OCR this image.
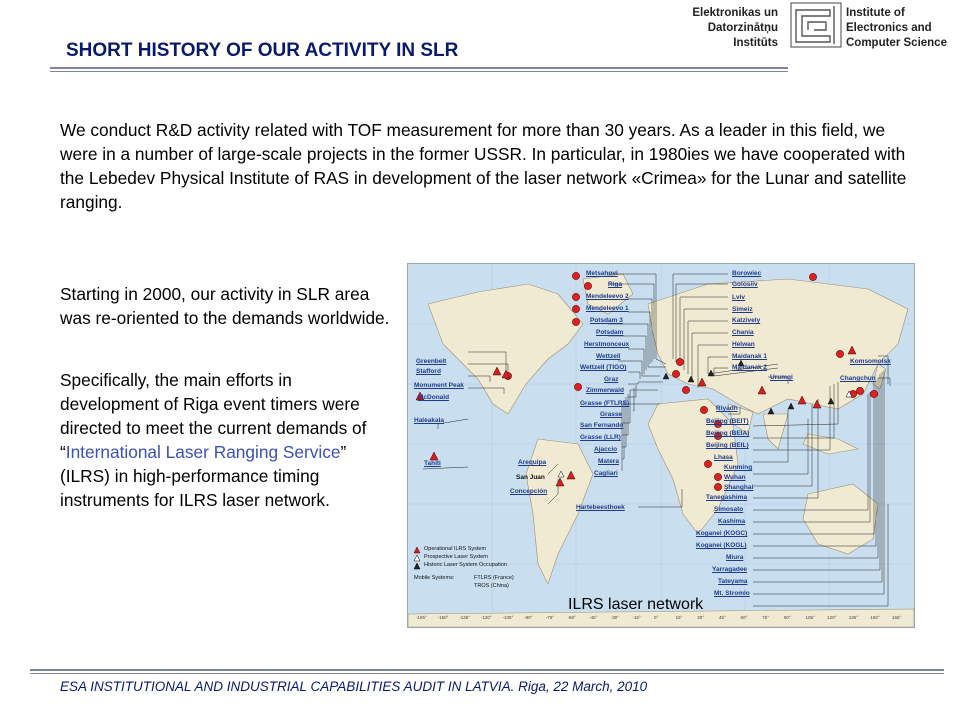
SHORT HISTORY OF OUR ACTIVITY IN SLR
Elektronikas un
Datorzinātņu
Institūts
Institute of
Electronics and
Computer Science
We conduct R&D activity related with TOF measurement for more than 30 years. As a leader in this field, we were in a number of large-scale projects in the former USSR. In particular, in 1980ies we have cooperated with the Lebedev Physical Institute of RAS in development of the laser network «Crimea» for the Lunar and satellite ranging.
Starting in 2000, our activity in SLR area was re-oriented to the demands worldwide.
Specifically, the main efforts in development of Riga event timers were directed to meet the current demands of “International Laser Ranging Service” (ILRS) in high-performance timing instruments for ILRS laser network.
Greenbelt
Stafford
Monument Peak
McDonald
Haleakala
Tahiti	Arequipa
San Juan
Concepción
Metsahovi
Riga
Mendeleevo 2
Mendeleevo 1
Potsdam 3
Potsdam
Herstmonceux
Wettzell
Wettzell (TIGO)
Graz
Zimmerwald
Grasse (FTLRS)
Grasse
San Fernando
Grasse (LLR)
Ajaccio
Matera
Cagliari
Hartebeesthoek
Borowiec
Golosiiv
Lviv
Simeiz
Katzively
Chania
Helwan
Maidanak 1
Maidanak 2
Urumqi
Komsomolsk
Changchun
Riyadh
Beijing (BEIT)
Beijing (BEIA)
Beijing (BEIL)
Lhasa
Kunming
Wuhan
Shanghai
Tanegashima
Simosato
Kashima
Koganei (KOGC)
Koganei (KOGL)
Miura
Yarragadee
Tateyama
Mt. Stromlo
Operational ILRS System
Prospective Laser System
Historic Laser System Occupation
Mobile Systems:	FTLRS (France)
TROS (China)
-165° -150° -135° -120° -105° -90°	-75°	-60°	-45°	-30°	-15°	0°	15°	30°	45°	60°	75°	90°	105°	120°	135°	150°	165°
ILRS laser network
ESA INSTITUTIONAL AND INDUSTRIAL CAPABILITIES AUDIT IN LATVIA. Riga, 22 March, 2010
